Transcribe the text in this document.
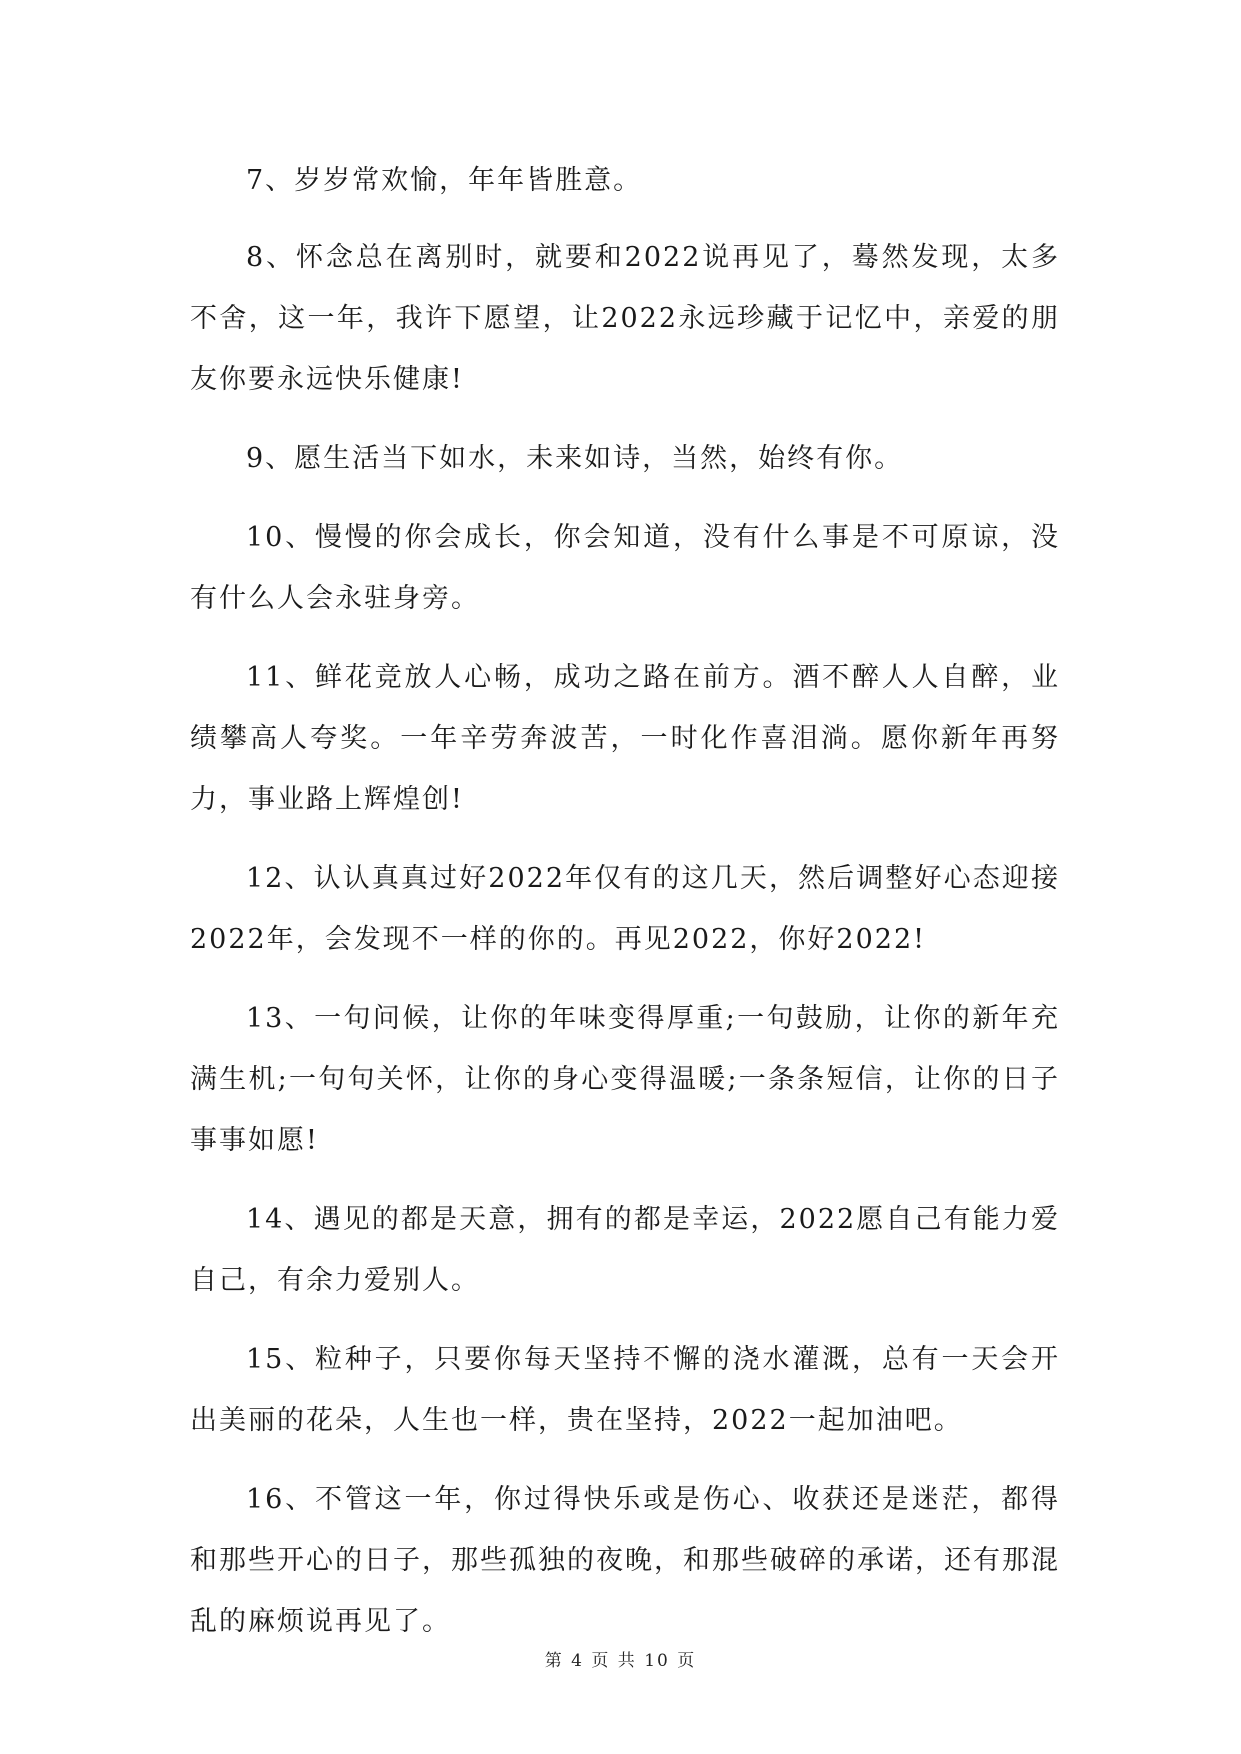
7、岁岁常欢愉，年年皆胜意。

8、怀念总在离别时，就要和2022说再见了，蓦然发现，太多不舍，这一年，我许下愿望，让2022永远珍藏于记忆中，亲爱的朋友你要永远快乐健康!

9、愿生活当下如水，未来如诗，当然，始终有你。

10、慢慢的你会成长，你会知道，没有什么事是不可原谅，没有什么人会永驻身旁。

11、鲜花竞放人心畅，成功之路在前方。酒不醉人人自醉，业绩攀高人夸奖。一年辛劳奔波苦，一时化作喜泪淌。愿你新年再努力，事业路上辉煌创!

12、认认真真过好2022年仅有的这几天，然后调整好心态迎接2022年，会发现不一样的你的。再见2022，你好2022!

13、一句问候，让你的年味变得厚重;一句鼓励，让你的新年充满生机;一句句关怀，让你的身心变得温暖;一条条短信，让你的日子事事如愿!

14、遇见的都是天意，拥有的都是幸运，2022愿自己有能力爱自己，有余力爱别人。

15、粒种子，只要你每天坚持不懈的浇水灌溉，总有一天会开出美丽的花朵，人生也一样，贵在坚持，2022一起加油吧。

16、不管这一年，你过得快乐或是伤心、收获还是迷茫，都得和那些开心的日子，那些孤独的夜晚，和那些破碎的承诺，还有那混乱的麻烦说再见了。

第 4 页 共 10 页
